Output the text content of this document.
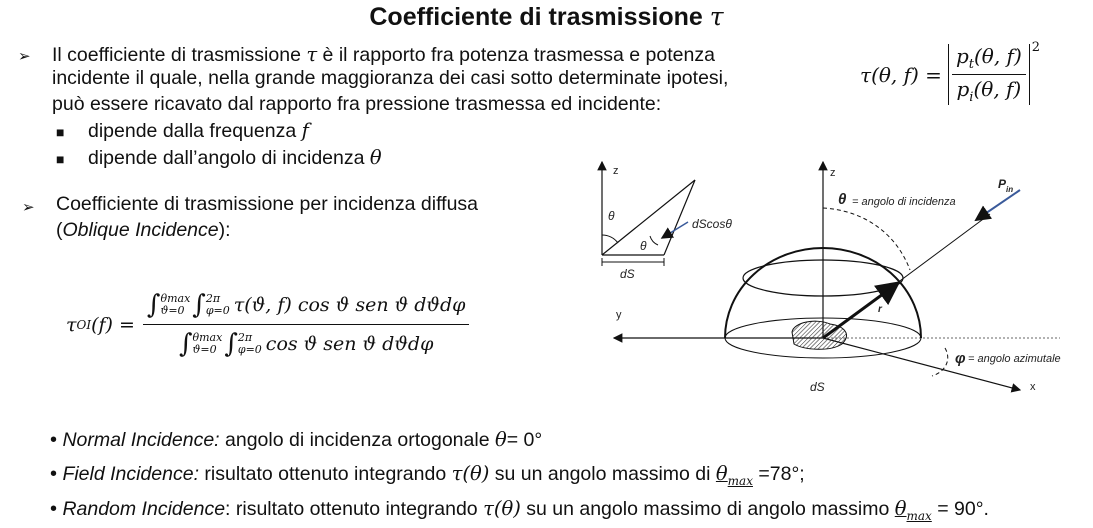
Coefficiente di trasmissione τ
➢ Il coefficiente di trasmissione τ è il rapporto fra potenza trasmessa e potenza
incidente il quale, nella grande maggioranza dei casi sotto determinate ipotesi,
può essere ricavato dal rapporto fra pressione trasmessa ed incidente:
■ dipende dalla frequenza f
■ dipende dall’angolo di incidenza θ
τ(θ, $f) = \frac{p_t(\theta, f)}{p_i(\theta, f)} ^2$
➢ Coefficiente di trasmissione per incidenza diffusa
(Oblique Incidence):
τ OI (f) = ∫ θmax
ϑ=0 ∫ 2π
φ=0 τ(ϑ, f) cos ϑ sen ϑ dϑdφ
∫ θmax
ϑ=0 ∫ 2π
φ=0 cos ϑ sen ϑ dϑdφ
• Normal Incidence: angolo di incidenza ortogonale θ= 0°
• Field Incidence: risultato ottenuto integrando τ(θ) su un angolo massimo di $\theta_{max} =78^\circ$;
• Random Incidence: risultato ottenuto integrando τ(θ) su un angolo massimo di angolo massimo $\theta_{max} = 90^\circ$.
z
θ
θ
dScosθ
dS
z
y
x
θ = angolo di incidenza
$P_{in}$
r
φ = angolo azimutale
dS
